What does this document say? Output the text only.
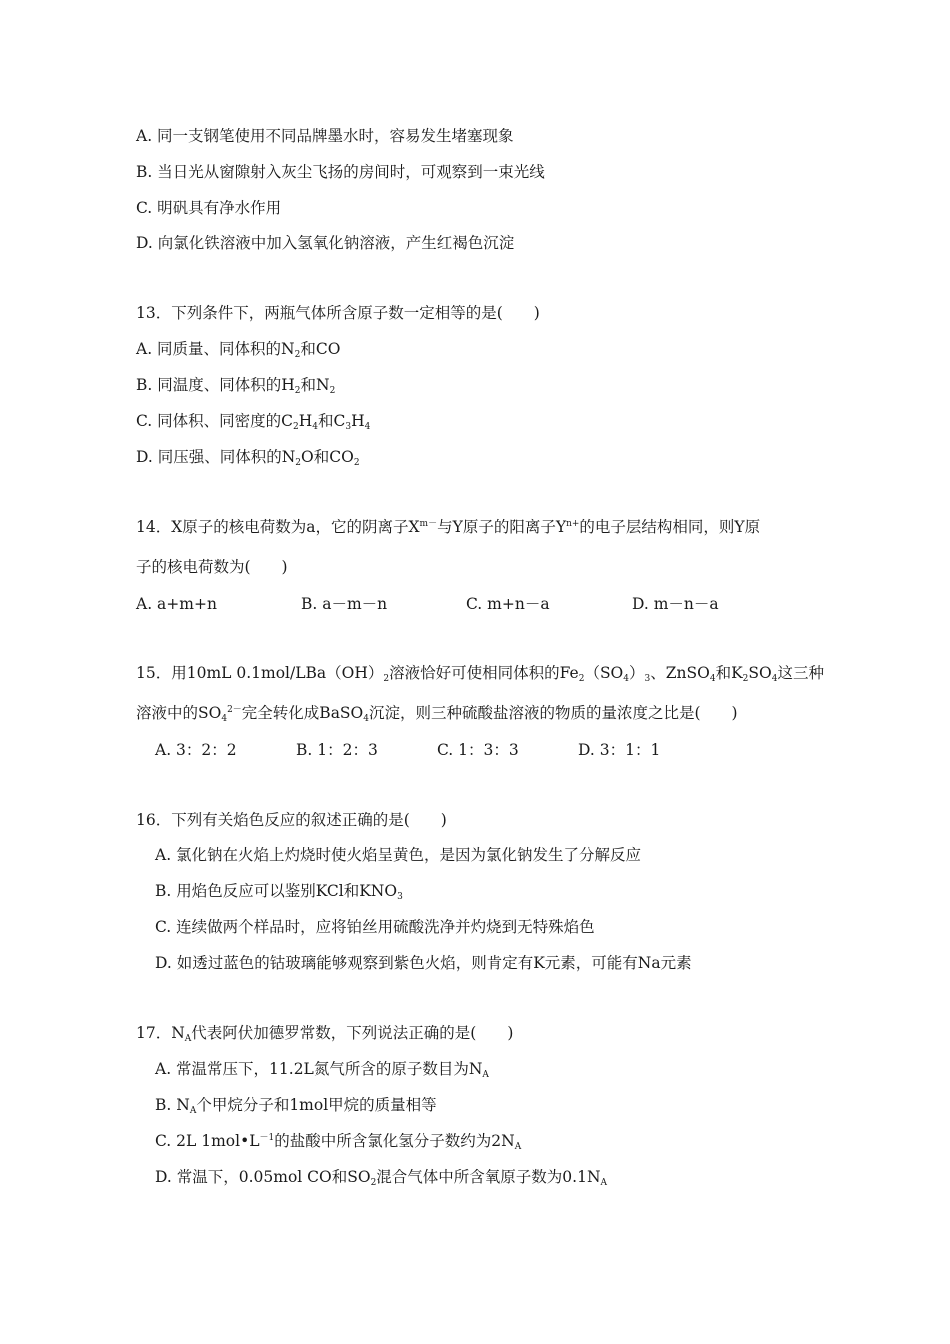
A. 同一支钢笔使用不同品牌墨水时，容易发生堵塞现象
B. 当日光从窗隙射入灰尘飞扬的房间时，可观察到一束光线
C. 明矾具有净水作用
D. 向氯化铁溶液中加入氢氧化钠溶液，产生红褐色沉淀
13．下列条件下，两瓶气体所含原子数一定相等的是(　　)
A. 同质量、同体积的$N_2$和CO
B. 同温度、同体积的$H_2$和$N_2$
C. 同体积、同密度的$C_2H_4$和$C_3H_4$
D. 同压强、同体积的$N_2O$和$CO_2$
14．X原子的核电荷数为a，它的阴离子$X^{m-}$与Y原子的阳离子$Y^{n+}$的电子层结构相同，则Y原
子的核电荷数为(　　)
A. a+m+n	B. a－m－n	C. m+n－a	D. m－n－a
15．用10mL $0.1mol/LBa(OH)_2$溶液恰好可使相同体积的$Fe_2(SO_4)_3$、ZnSO$_4$和$K_2SO_4$这三种
溶液中的$SO_4^{2-}$完全转化成BaSO$_4$沉淀，则三种硫酸盐溶液的物质的量浓度之比是(　　)
A. 3：2：2	B. 1：2：3	C. 1：3：3	D. 3：1：1
16．下列有关焰色反应的叙述正确的是(　　)
A. 氯化钠在火焰上灼烧时使火焰呈黄色，是因为氯化钠发生了分解反应
B. 用焰色反应可以鉴别KCl和$KNO_3$
C. 连续做两个样品时，应将铂丝用硫酸洗净并灼烧到无特殊焰色
D. 如透过蓝色的钴玻璃能够观察到紫色火焰，则肯定有K元素，可能有Na元素
17．$N_A$代表阿伏加德罗常数，下列说法正确的是(　　)
A. 常温常压下，11.2L氮气所含的原子数目为$N_A$
B. $N_A$个甲烷分子和1mol甲烷的质量相等
C. 2L $1mol•L^{-1}$的盐酸中所含氯化氢分子数约为$2N_A$
D. 常温下，0.05mol CO和$SO_2$混合气体中所含氧原子数为$0.1N_A$
